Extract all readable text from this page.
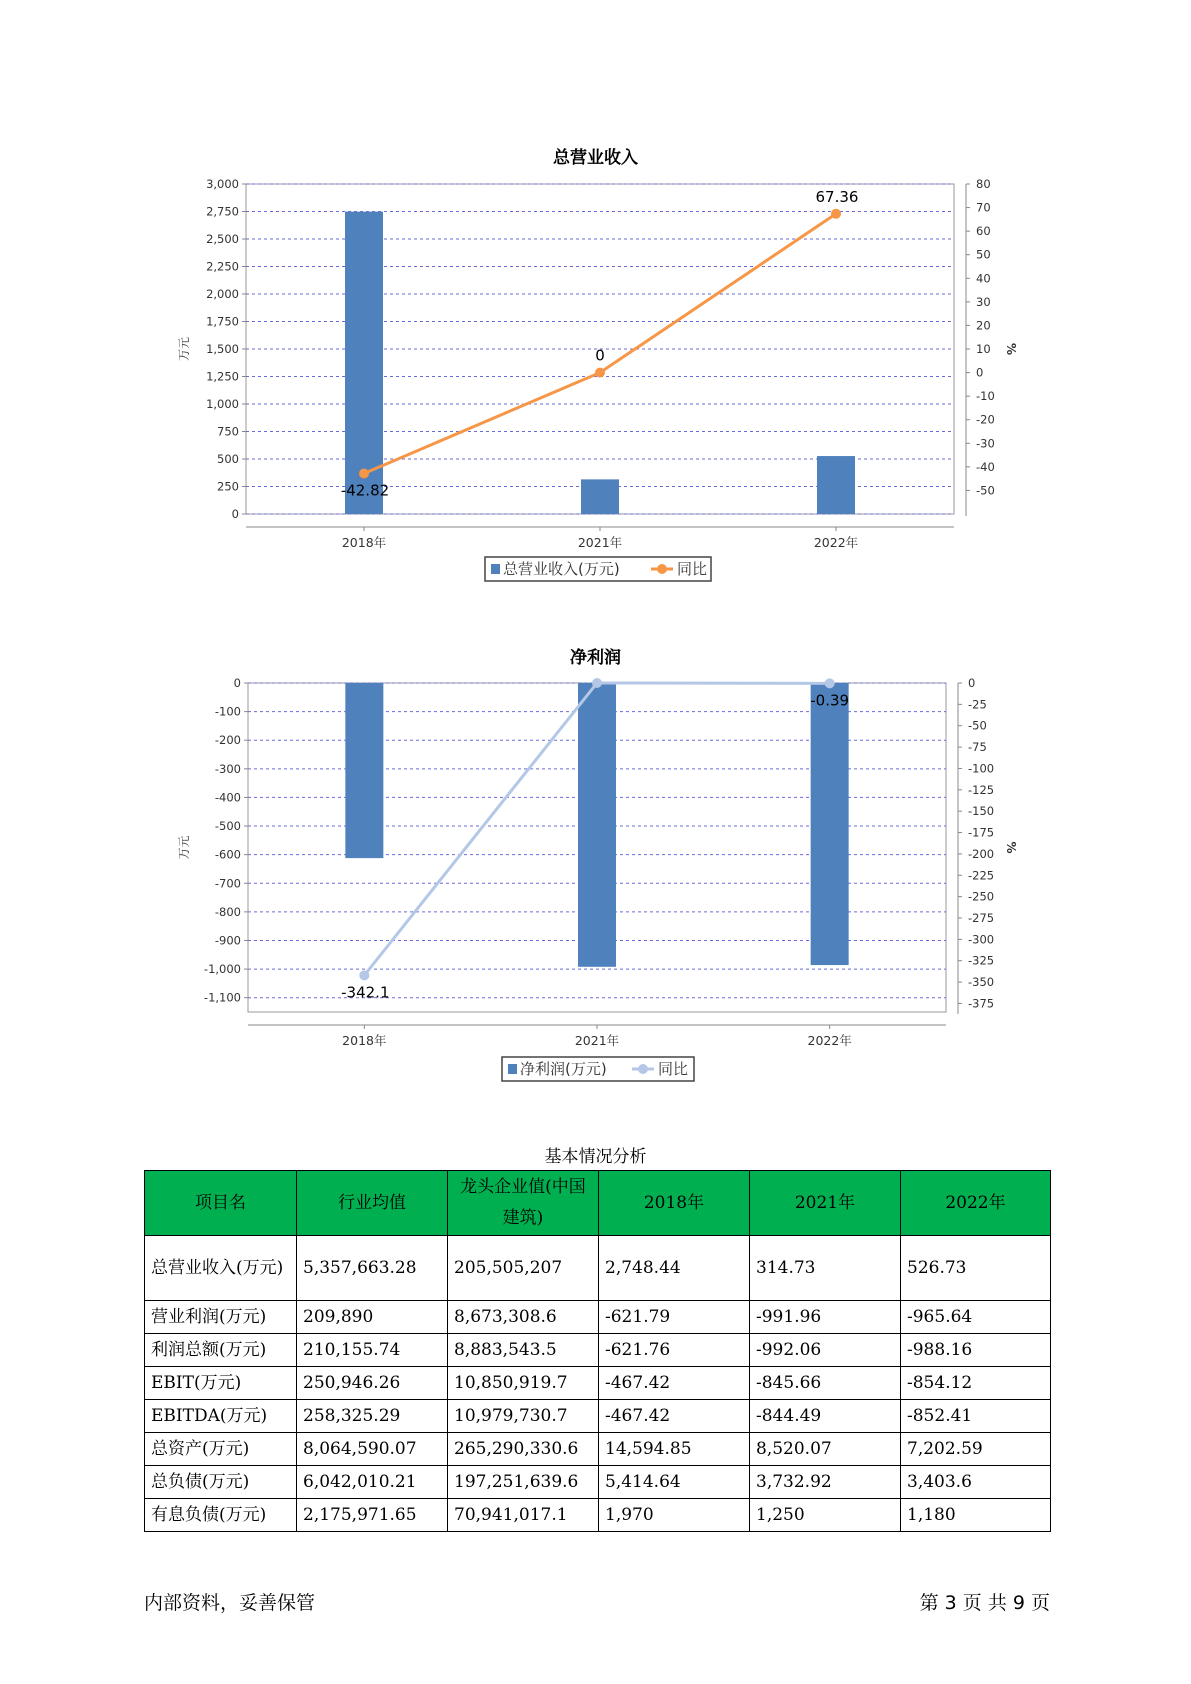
总营业收入
0
250
500
750
1,000
1,250
1,500
1,750
2,000
2,250
2,500
2,750
3,000
万元
-50
-40
-30
-20
-10
0
10
20
30
40
50
60
70
80
%
2018年	2021年	2022年
-42.82
0
67.36
总营业收入(万元)	同比
净利润
0
-100
-200
-300
-400
-500
-600
-700
-800
-900
-1,000
-1,100
万元
0
-25
-50
-75
-100
-125
-150
-175
-200
-225
-250
-275
-300
-325
-350
-375
%
2018年	2021年	2022年
-342.1
-0.39
净利润(万元)	同比
基本情况分析
项目名	行业均值	龙头企业值(中国建筑)	2018年	2021年	2022年
总营业收入(万元)	5,357,663.28	205,505,207	2,748.44	314.73	526.73
营业利润(万元)	209,890	8,673,308.6	-621.79	-991.96	-965.64
利润总额(万元)	210,155.74	8,883,543.5	-621.76	-992.06	-988.16
EBIT(万元)	250,946.26	10,850,919.7	-467.42	-845.66	-854.12
EBITDA(万元)	258,325.29	10,979,730.7	-467.42	-844.49	-852.41
总资产(万元)	8,064,590.07	265,290,330.6	14,594.85	8,520.07	7,202.59
总负债(万元)	6,042,010.21	197,251,639.6	5,414.64	3,732.92	3,403.6
有息负债(万元)	2,175,971.65	70,941,017.1	1,970	1,250	1,180
内部资料，妥善保管	第 3 页 共 9 页
